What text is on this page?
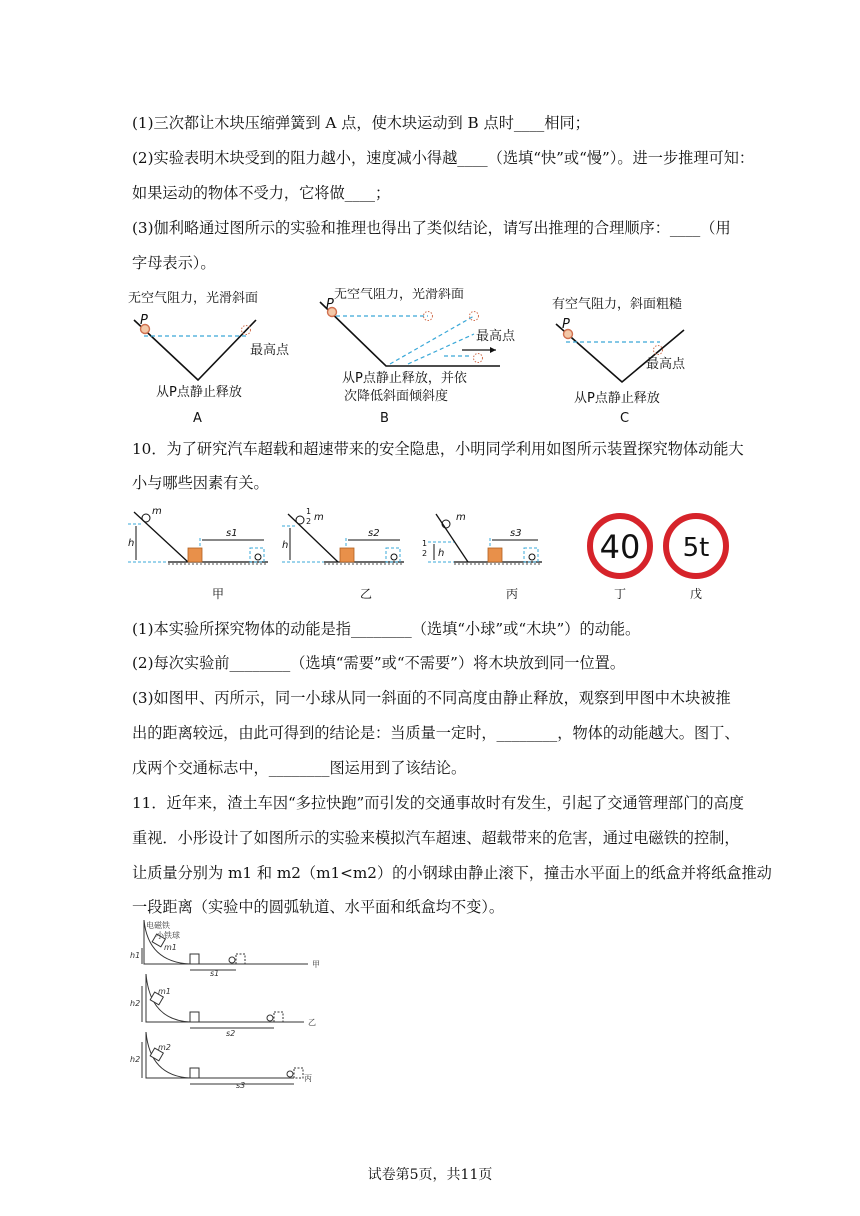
(1)三次都让木块压缩弹簧到 A 点，使木块运动到 B 点时____相同；
(2)实验表明木块受到的阻力越小，速度减小得越____（选填“快”或“慢”）。进一步推理可知：
如果运动的物体不受力，它将做____；
(3)伽利略通过图所示的实验和推理也得出了类似结论，请写出推理的合理顺序：____（用
字母表示）。
无空气阻力，光滑斜面
P
最高点
从P点静止释放
A
无空气阻力，光滑斜面
P
最高点
从P点静止释放，并依
次降低斜面倾斜度
B
有空气阻力，斜面粗糙
P
最高点
从P点静止释放
C
10．为了研究汽车超载和超速带来的安全隐患，小明同学利用如图所示装置探究物体动能大
小与哪些因素有关。
h	h
h
m
m	m
s1	s2	s3
1
2
1
2	40 5t
甲	乙	丙	丁	戊
(1)本实验所探究物体的动能是指________（选填“小球”或“木块”）的动能。
(2)每次实验前________（选填“需要”或“不需要”）将木块放到同一位置。
(3)如图甲、丙所示，同一小球从同一斜面的不同高度由静止释放，观察到甲图中木块被推
出的距离较远，由此可得到的结论是：当质量一定时，________，物体的动能越大。图丁、
戊两个交通标志中，________图运用到了该结论。
11．近年来，渣土车因“多拉快跑”而引发的交通事故时有发生，引起了交通管理部门的高度
重视．小彤设计了如图所示的实验来模拟汽车超速、超载带来的危害，通过电磁铁的控制，
让质量分别为 m1 和 m2（m1<m2）的小钢球由静止滚下，撞击水平面上的纸盒并将纸盒推动
一段距离（实验中的圆弧轨道、水平面和纸盒均不变）。
电磁铁
小铁球
m1
h1
s1
甲
m1
h2
s2
乙
m2
h2
s3
丙
试卷第5页，共11页
